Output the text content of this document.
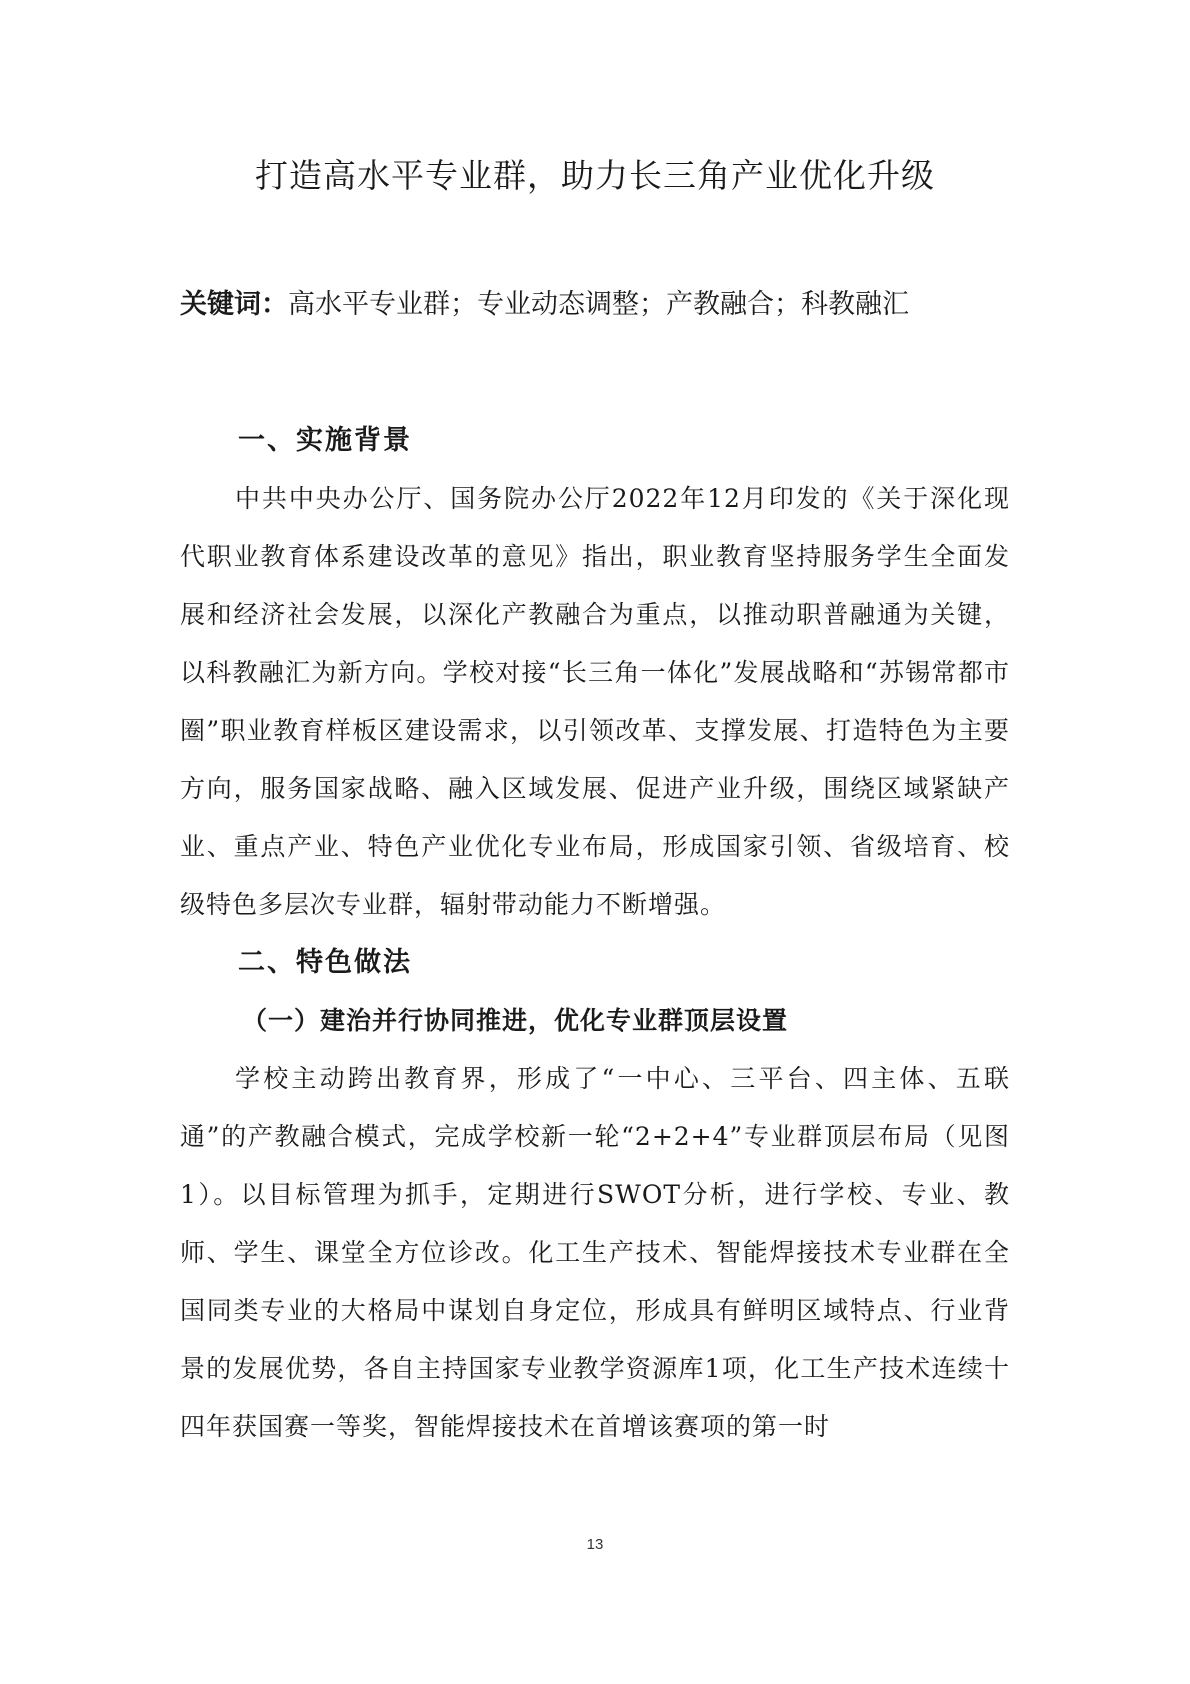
打造高水平专业群，助力长三角产业优化升级

关键词：高水平专业群；专业动态调整；产教融合；科教融汇

一、实施背景

中共中央办公厅、国务院办公厅2022年12月印发的《关于深化现代职业教育体系建设改革的意见》指出，职业教育坚持服务学生全面发展和经济社会发展，以深化产教融合为重点，以推动职普融通为关键，以科教融汇为新方向。学校对接“长三角一体化”发展战略和“苏锡常都市圈”职业教育样板区建设需求，以引领改革、支撑发展、打造特色为主要方向，服务国家战略、融入区域发展、促进产业升级，围绕区域紧缺产业、重点产业、特色产业优化专业布局，形成国家引领、省级培育、校级特色多层次专业群，辐射带动能力不断增强。

二、特色做法
（一）建治并行协同推进，优化专业群顶层设置

学校主动跨出教育界，形成了“一中心、三平台、四主体、五联通”的产教融合模式，完成学校新一轮“2+2+4”专业群顶层布局（见图1）。以目标管理为抓手，定期进行SWOT分析，进行学校、专业、教师、学生、课堂全方位诊改。化工生产技术、智能焊接技术专业群在全国同类专业的大格局中谋划自身定位，形成具有鲜明区域特点、行业背景的发展优势，各自主持国家专业教学资源库1项，化工生产技术连续十四年获国赛一等奖，智能焊接技术在首增该赛项的第一时

13
